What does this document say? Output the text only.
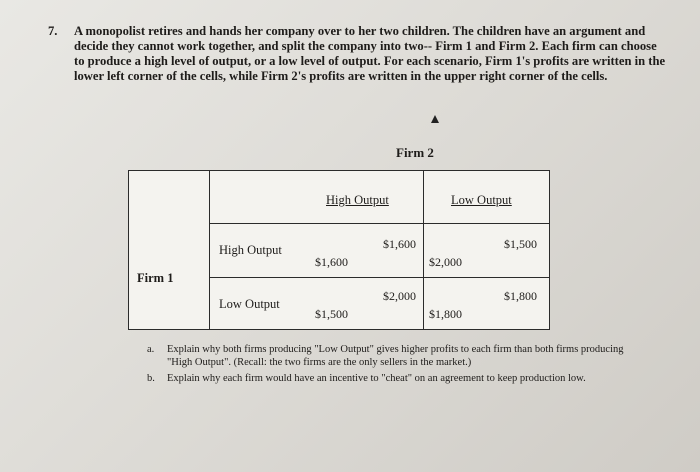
7. A monopolist retires and hands her company over to her two children. The children have an argument and decide they cannot work together, and split the company into two-- Firm 1 and Firm 2. Each firm can choose to produce a high level of output, or a low level of output. For each scenario, Firm 1's profits are written in the lower left corner of the cells, while Firm 2's profits are written in the upper right corner of the cells.
Firm 2
High Output	Low Output
Firm 1
High Output
Low Output
$1,600
$1,600
$1,500
$2,000
$2,000
$1,500
$1,800
$1,800
a. Explain why both firms producing "Low Output" gives higher profits to each firm than both firms producing "High Output". (Recall: the two firms are the only sellers in the market.)
b. Explain why each firm would have an incentive to "cheat" on an agreement to keep production low.
